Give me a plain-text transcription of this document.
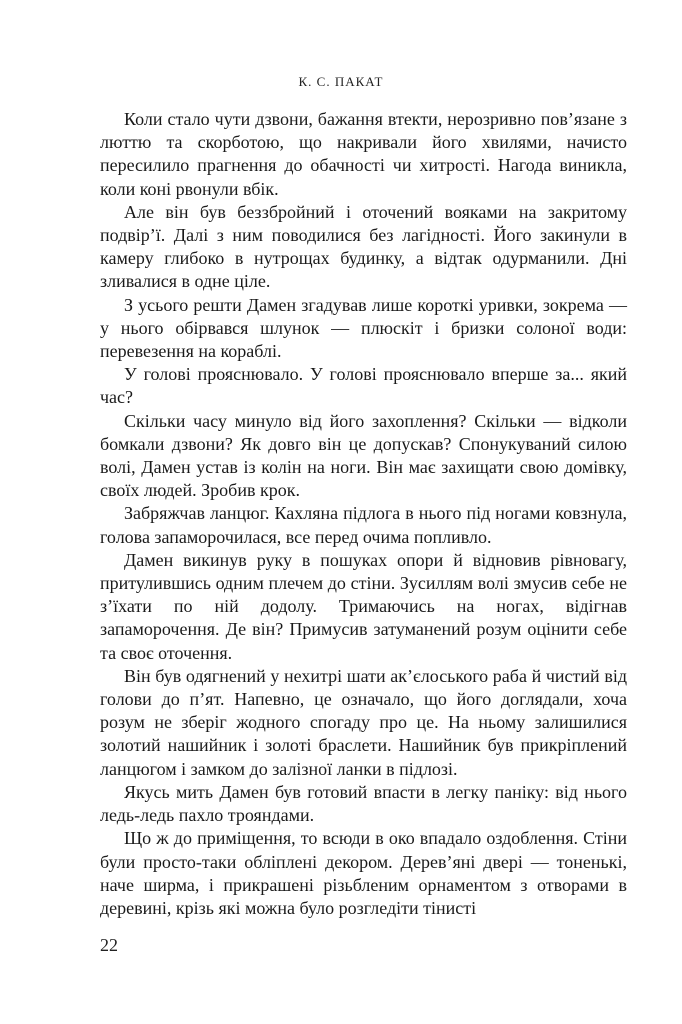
К. С. ПАКАТ

Коли стало чути дзвони, бажання втекти, нерозривно пов’язане з люттю та скорботою, що накривали його хвилями, начисто пересилило прагнення до обачності чи хитрості. Нагода виникла, коли коні рвонули вбік.

Але він був беззбройний і оточений вояками на закритому подвір’ї. Далі з ним поводилися без лагідності. Його закинули в камеру глибоко в нутрощах будинку, а відтак одурманили. Дні зливалися в одне ціле.

З усього решти Дамен згадував лише короткі уривки, зокрема — у нього обірвався шлунок — плюскіт і бризки солоної води: перевезення на кораблі.

У голові прояснювало. У голові прояснювало вперше за... який час?

Скільки часу минуло від його захоплення? Скільки — відколи бомкали дзвони? Як довго він це допускав? Спонукуваний силою волі, Дамен устав із колін на ноги. Він має захищати свою домівку, своїх людей. Зробив крок.

Забряжчав ланцюг. Кахляна підлога в нього під ногами ковзнула, голова запаморочилася, все перед очима попливло.

Дамен викинув руку в пошуках опори й відновив рівновагу, притулившись одним плечем до стіни. Зусиллям волі змусив себе не з’їхати по ній додолу. Тримаючись на ногах, відігнав запаморочення. Де він? Примусив затуманений розум оцінити себе та своє оточення.

Він був одягнений у нехитрі шати ак’єлоського раба й чистий від голови до п’ят. Напевно, це означало, що його доглядали, хоча розум не зберіг жодного спогаду про це. На ньому залишилися золотий нашийник і золоті браслети. Нашийник був прикріплений ланцюгом і замком до залізної ланки в підлозі.

Якусь мить Дамен був готовий впасти в легку паніку: від нього ледь-ледь пахло трояндами.

Що ж до приміщення, то всюди в око впадало оздоблення. Стіни були просто-таки обліплені декором. Дерев’яні двері — тоненькі, наче ширма, і прикрашені різьбленим орнаментом з отворами в деревині, крізь які можна було розгледіти тінисті

22
